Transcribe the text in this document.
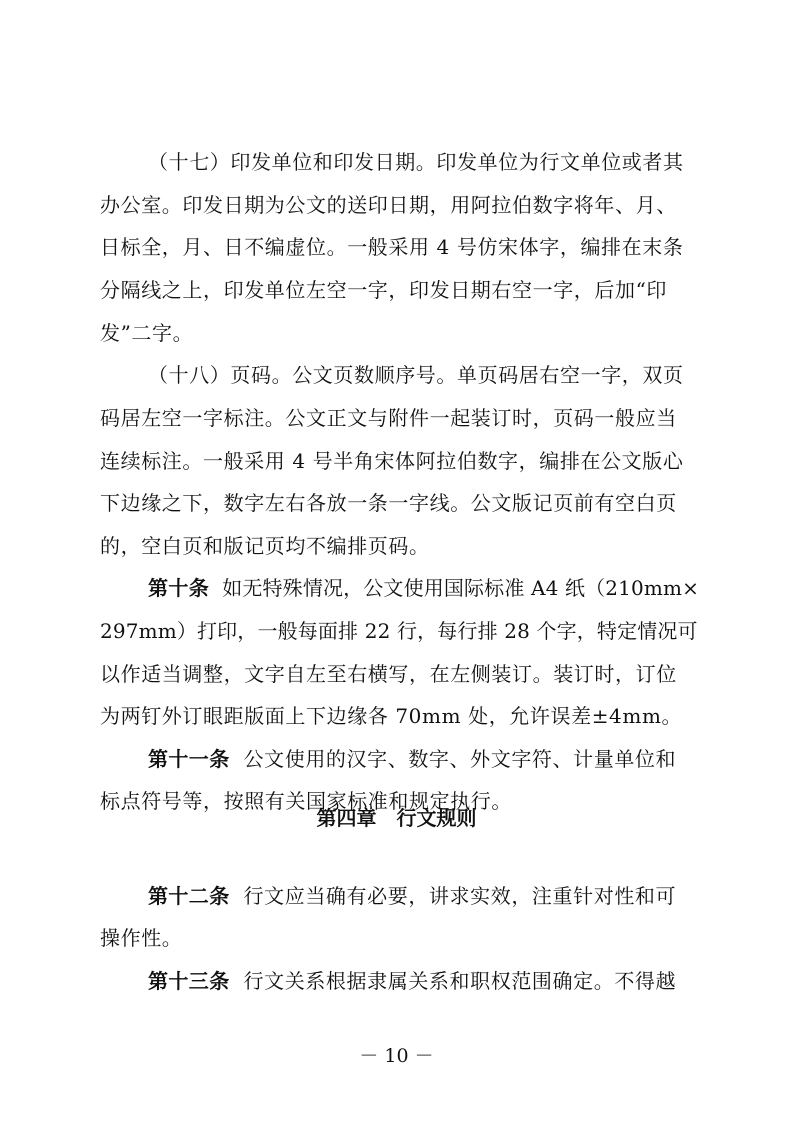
（十七）印发单位和印发日期。印发单位为行文单位或者其
办公室。印发日期为公文的送印日期，用阿拉伯数字将年、月、
日标全，月、日不编虚位。一般采用 4 号仿宋体字，编排在末条
分隔线之上，印发单位左空一字，印发日期右空一字，后加“印
发”二字。
（十八）页码。公文页数顺序号。单页码居右空一字，双页
码居左空一字标注。公文正文与附件一起装订时，页码一般应当
连续标注。一般采用 4 号半角宋体阿拉伯数字，编排在公文版心
下边缘之下，数字左右各放一条一字线。公文版记页前有空白页
的，空白页和版记页均不编排页码。
第十条 如无特殊情况，公文使用国际标准 A4 纸（210mm×
297mm）打印，一般每面排 22 行，每行排 28 个字，特定情况可
以作适当调整，文字自左至右横写，在左侧装订。装订时，订位
为两钉外订眼距版面上下边缘各 70mm 处，允许误差±4mm。
第十一条 公文使用的汉字、数字、外文字符、计量单位和
标点符号等，按照有关国家标准和规定执行。
第四章 行文规则
第十二条 行文应当确有必要，讲求实效，注重针对性和可
操作性。
第十三条 行文关系根据隶属关系和职权范围确定。不得越
－ 10 －
